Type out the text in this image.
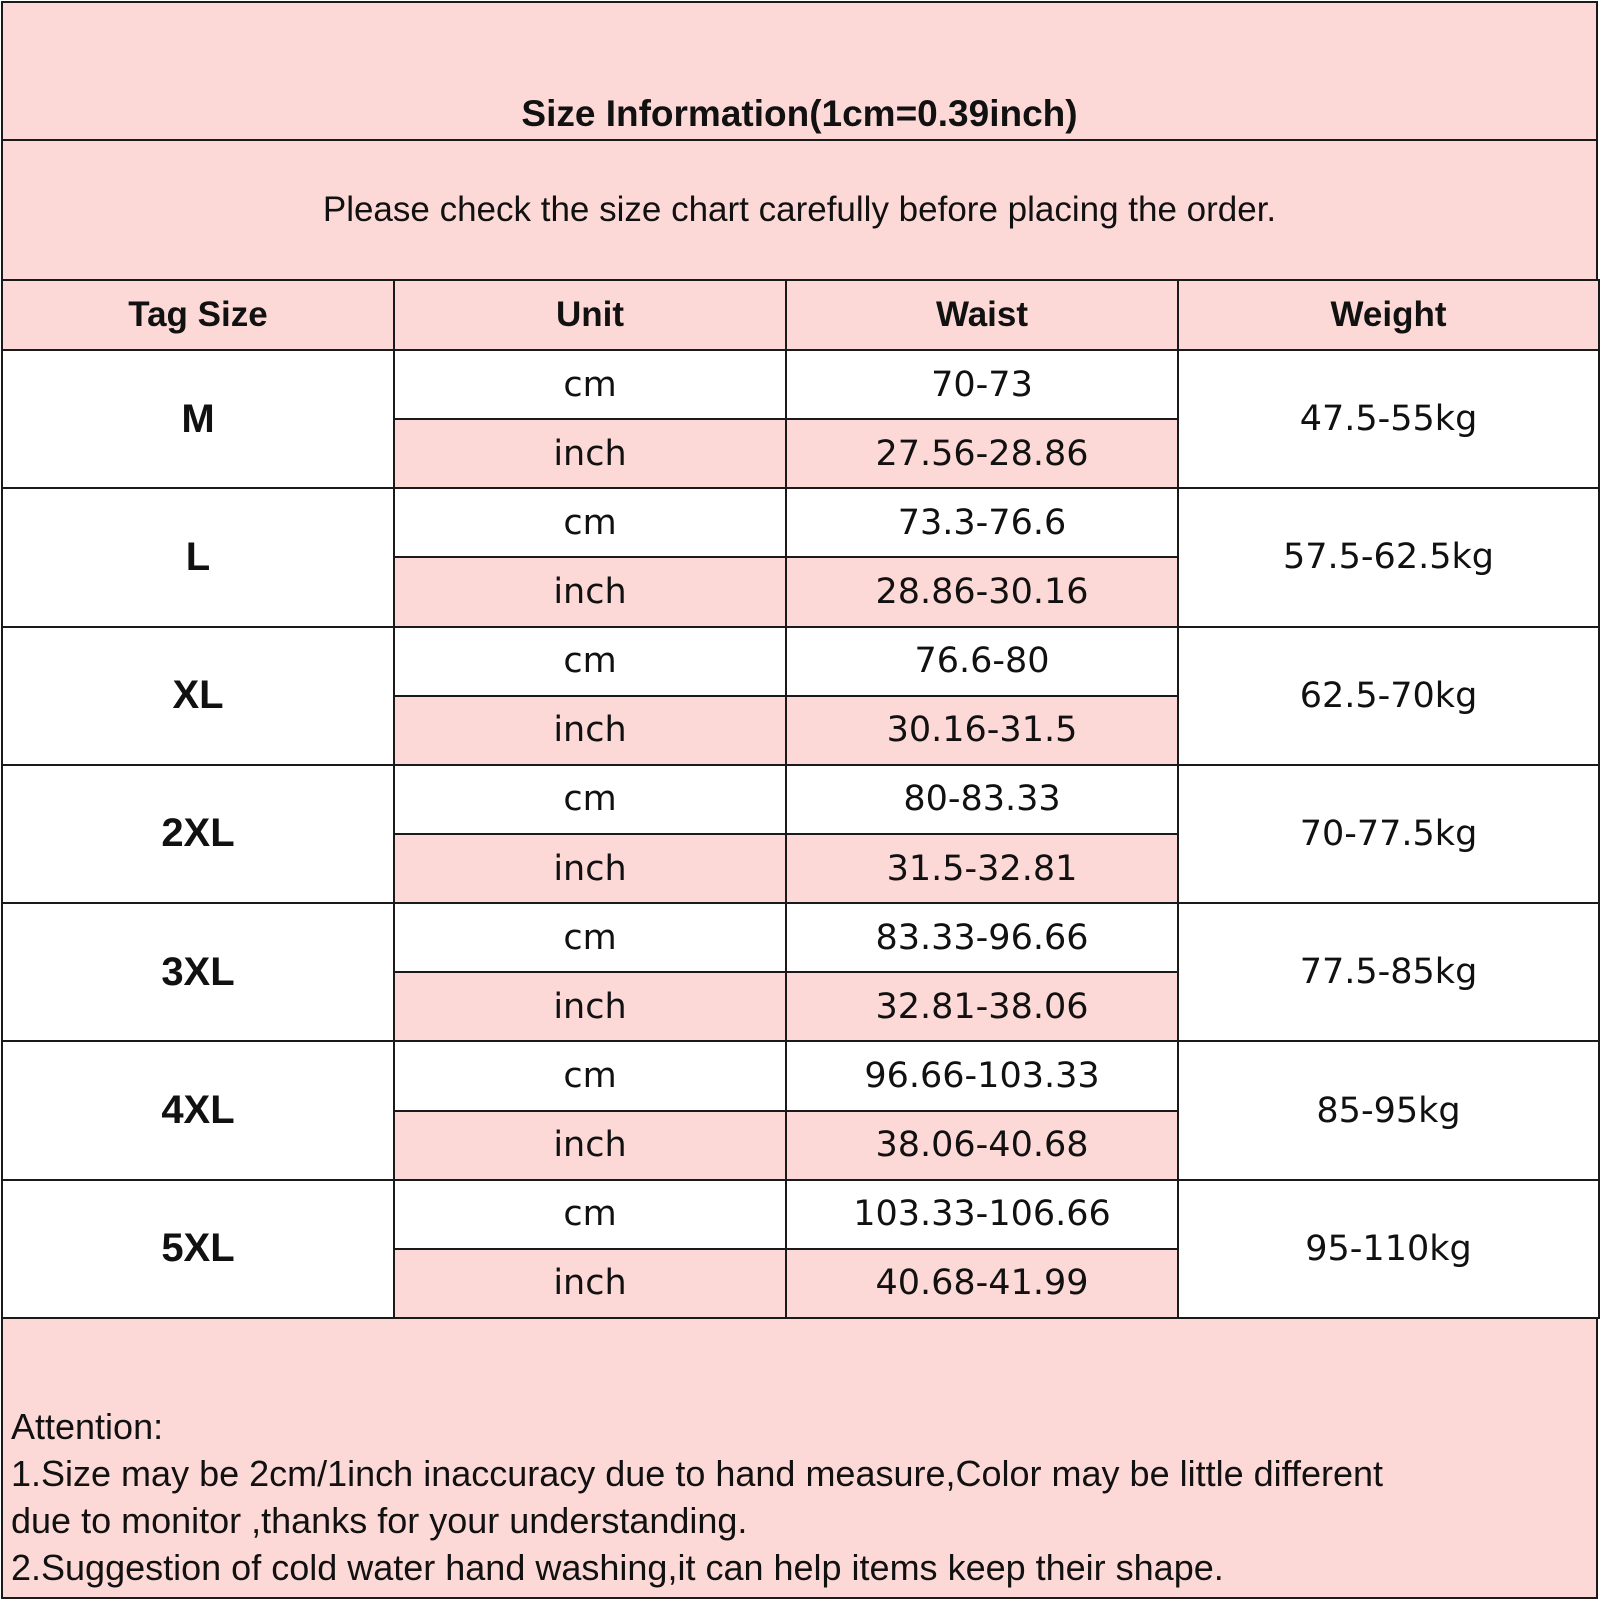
Size Information(1cm=0.39inch)
Please check the size chart carefully before placing the order.
Tag Size	Unit	Waist	Weight
M	cm	70-73	47.5-55kg
	inch	27.56-28.86	
L	cm	73.3-76.6	57.5-62.5kg
	inch	28.86-30.16	
XL	cm	76.6-80	62.5-70kg
	inch	30.16-31.5	
2XL	cm	80-83.33	70-77.5kg
	inch	31.5-32.81	
3XL	cm	83.33-96.66	77.5-85kg
	inch	32.81-38.06	
4XL	cm	96.66-103.33	85-95kg
	inch	38.06-40.68	
5XL	cm	103.33-106.66	95-110kg
	inch	40.68-41.99	
Attention:
1.Size may be 2cm/1inch inaccuracy due to hand measure,Color may be little different
due to monitor ,thanks for your understanding.
2.Suggestion of cold water hand washing,it can help items keep their shape.
